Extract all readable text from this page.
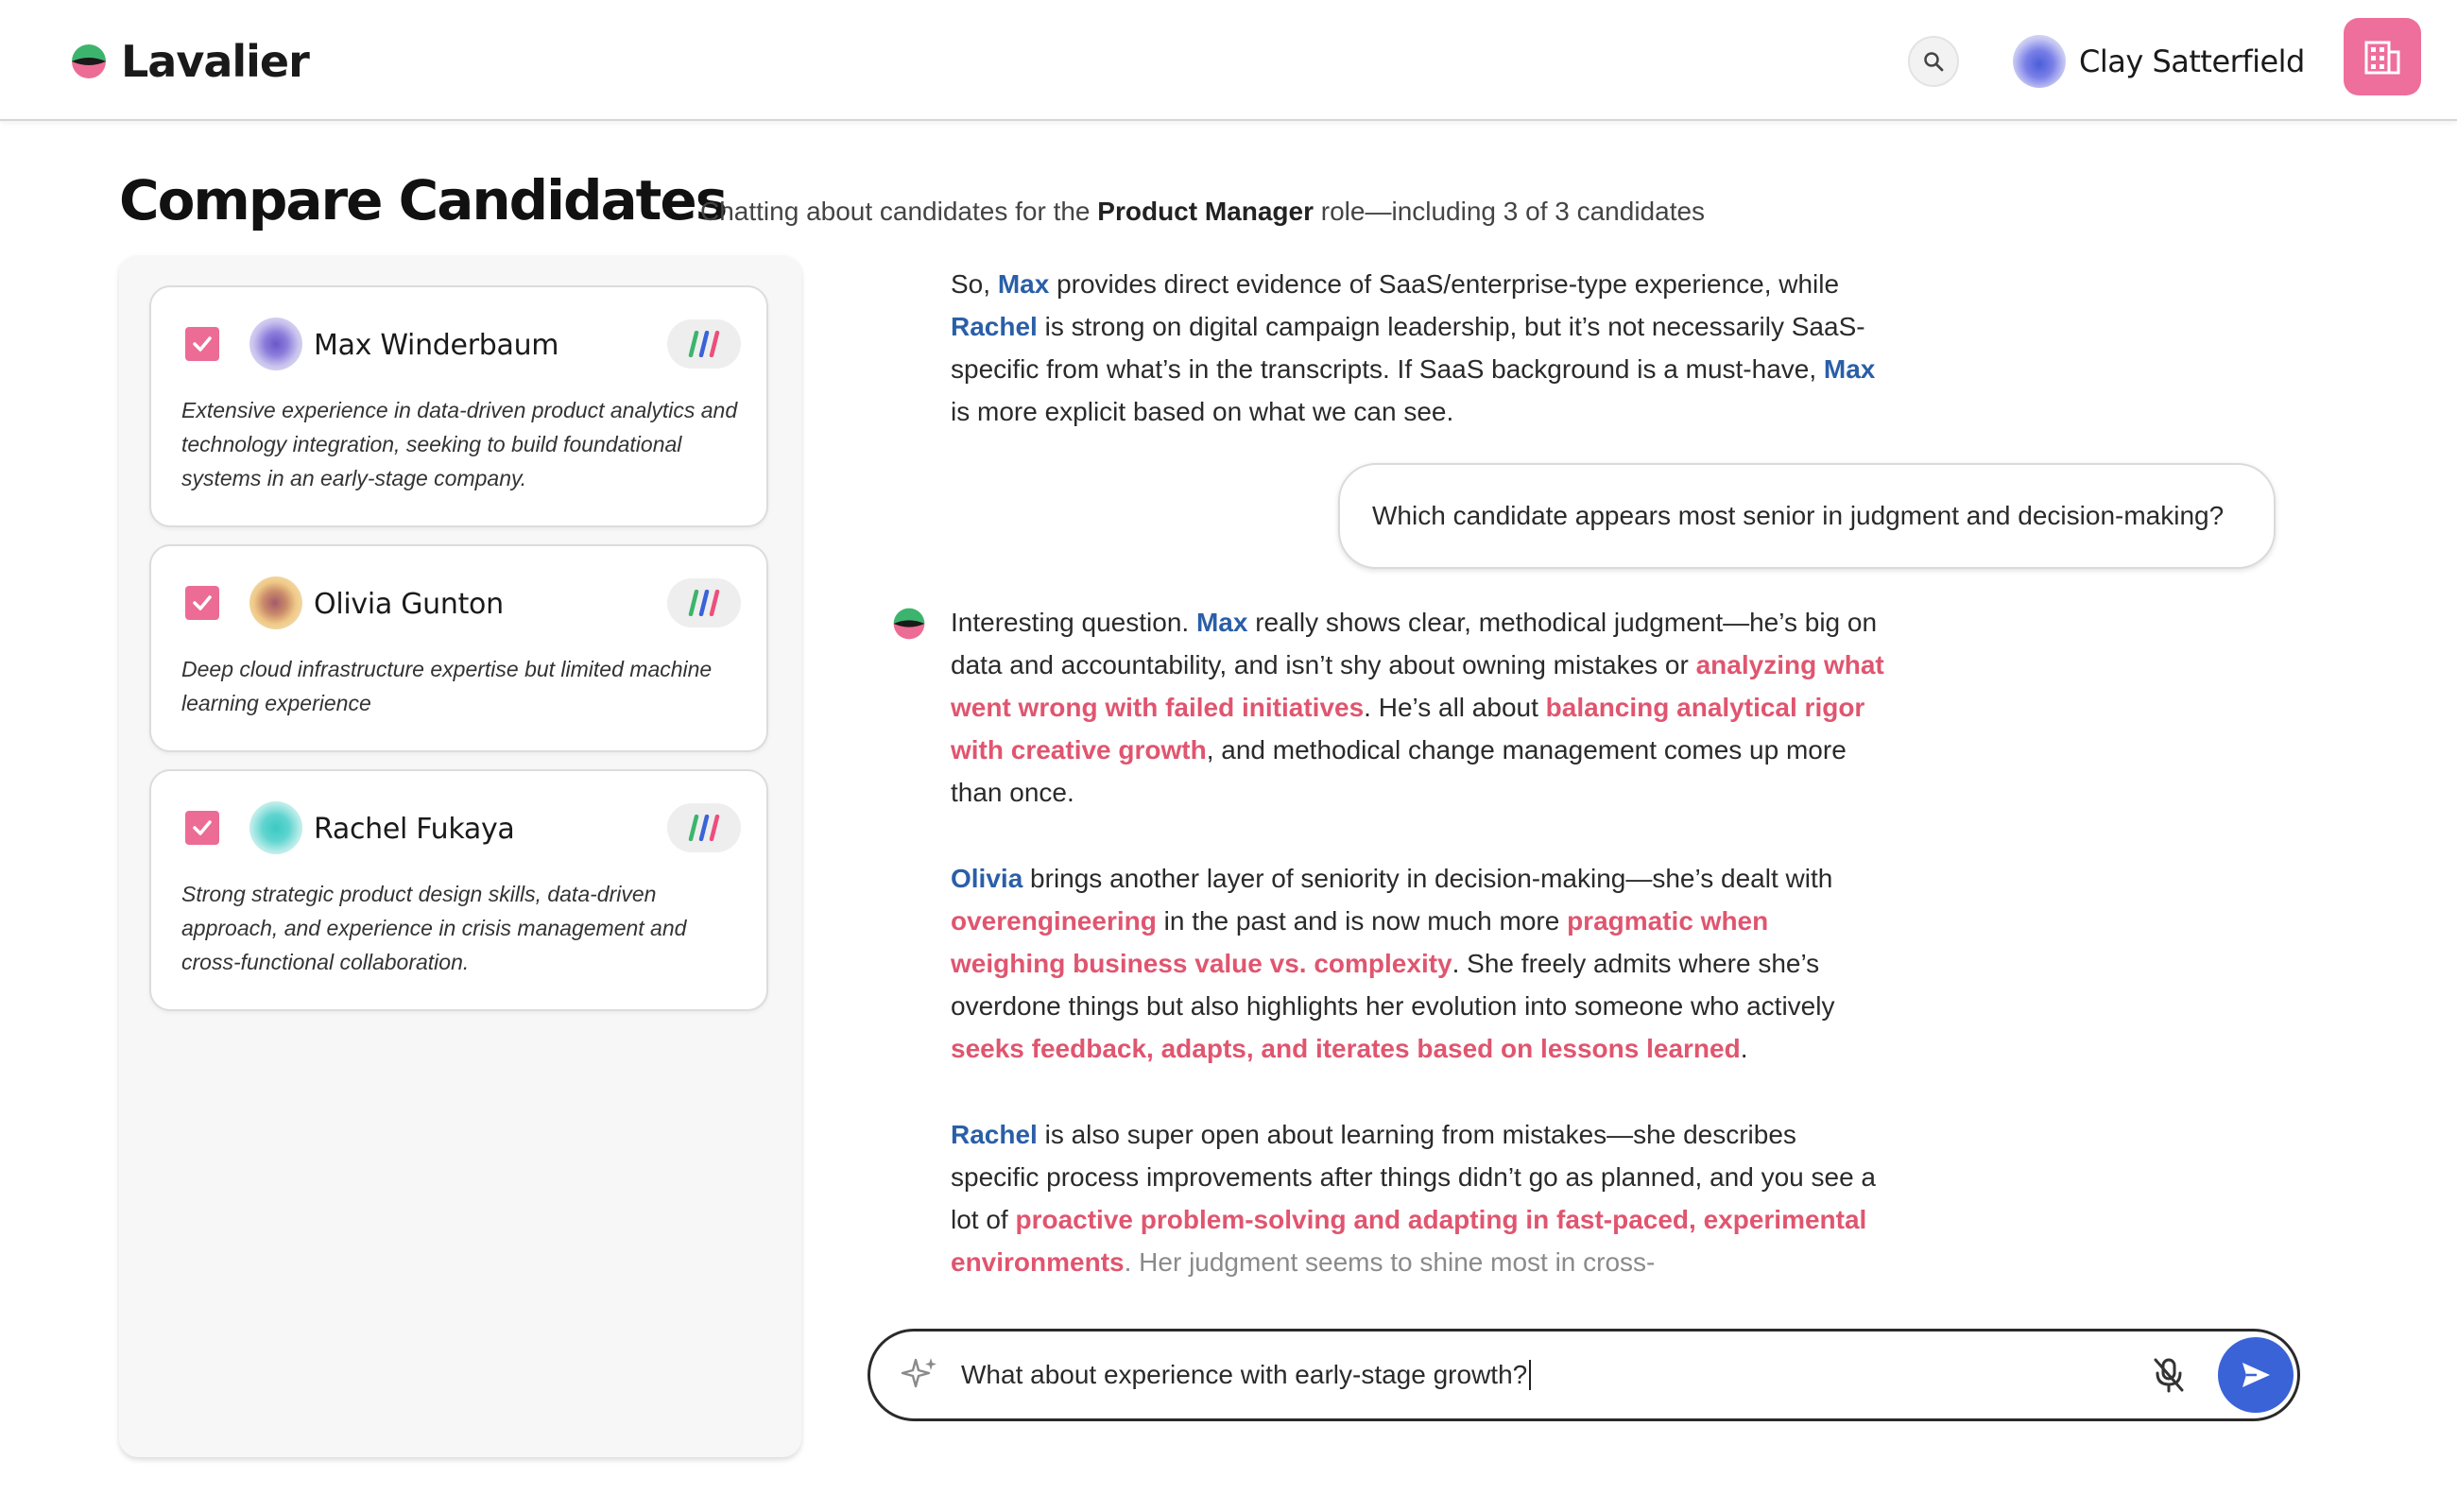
Lavalier	Clay Satterfield
Compare Candidates
Chatting about candidates for the Product Manager role—including 3 of 3 candidates
Max Winderbaum

Extensive experience in data-driven product analytics and technology integration, seeking to build foundational systems in an early-stage company.

Olivia Gunton

Deep cloud infrastructure expertise but limited machine learning experience

Rachel Fukaya

Strong strategic product design skills, data-driven approach, and experience in crisis management and cross-functional collaboration.

So, Max provides direct evidence of SaaS/enterprise-type experience, while Rachel is strong on digital campaign leadership, but it’s not necessarily SaaS-specific from what’s in the transcripts. If SaaS background is a must-have, Max is more explicit based on what we can see.

Which candidate appears most senior in judgment and decision-making?

Interesting question. Max really shows clear, methodical judgment—he’s big on data and accountability, and isn’t shy about owning mistakes or analyzing what went wrong with failed initiatives. He’s all about balancing analytical rigor with creative growth, and methodical change management comes up more than once.

Olivia brings another layer of seniority in decision-making—she’s dealt with overengineering in the past and is now much more pragmatic when weighing business value vs. complexity. She freely admits where she’s overdone things but also highlights her evolution into someone who actively seeks feedback, adapts, and iterates based on lessons learned.

Rachel is also super open about learning from mistakes—she describes specific process improvements after things didn’t go as planned, and you see a lot of proactive problem-solving and adapting in fast-paced, experimental environments. Her judgment seems to shine most in cross-

What about experience with early-stage growth?
